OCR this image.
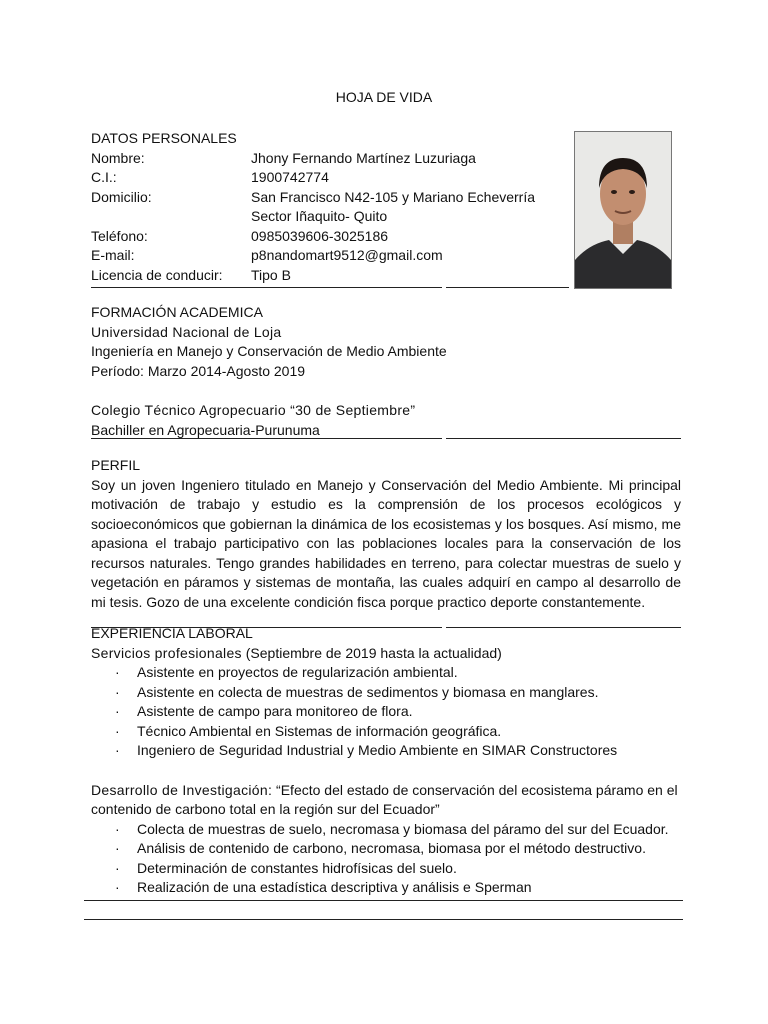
HOJA DE VIDA
DATOS PERSONALES
Nombre:	Jhony Fernando Martínez Luzuriaga
C.I.:	1900742774
Domicilio:	San Francisco N42-105 y Mariano Echeverría
Sector Iñaquito- Quito
Teléfono:	0985039606-3025186
E-mail:	p8nandomart9512@gmail.com
Licencia de conducir:	Tipo B
FORMACIÓN ACADEMICA
Universidad Nacional de Loja
Ingeniería en Manejo y Conservación de Medio Ambiente
Período: Marzo 2014-Agosto 2019
Colegio Técnico Agropecuario “30 de Septiembre”
Bachiller en Agropecuaria-Purunuma
PERFIL
Soy un joven Ingeniero titulado en Manejo y Conservación del Medio Ambiente. Mi principal motivación de trabajo y estudio es la comprensión de los procesos ecológicos y socioeconómicos que gobiernan la dinámica de los ecosistemas y los bosques. Así mismo, me apasiona el trabajo participativo con las poblaciones locales para la conservación de los recursos naturales. Tengo grandes habilidades en terreno, para colectar muestras de suelo y vegetación en páramos y sistemas de montaña, las cuales adquirí en campo al desarrollo de mi tesis. Gozo de una excelente condición fisca porque practico deporte constantemente.
EXPERIENCIA LABORAL
Servicios profesionales (Septiembre de 2019 hasta la actualidad)
· Asistente en proyectos de regularización ambiental.
· Asistente en colecta de muestras de sedimentos y biomasa en manglares.
· Asistente de campo para monitoreo de flora.
· Técnico Ambiental en Sistemas de información geográfica.
· Ingeniero de Seguridad Industrial y Medio Ambiente en SIMAR Constructores
Desarrollo de Investigación: “Efecto del estado de conservación del ecosistema páramo en el contenido de carbono total en la región sur del Ecuador”
· Colecta de muestras de suelo, necromasa y biomasa del páramo del sur del Ecuador.
· Análisis de contenido de carbono, necromasa, biomasa por el método destructivo.
· Determinación de constantes hidrofísicas del suelo.
· Realización de una estadística descriptiva y análisis e Sperman
